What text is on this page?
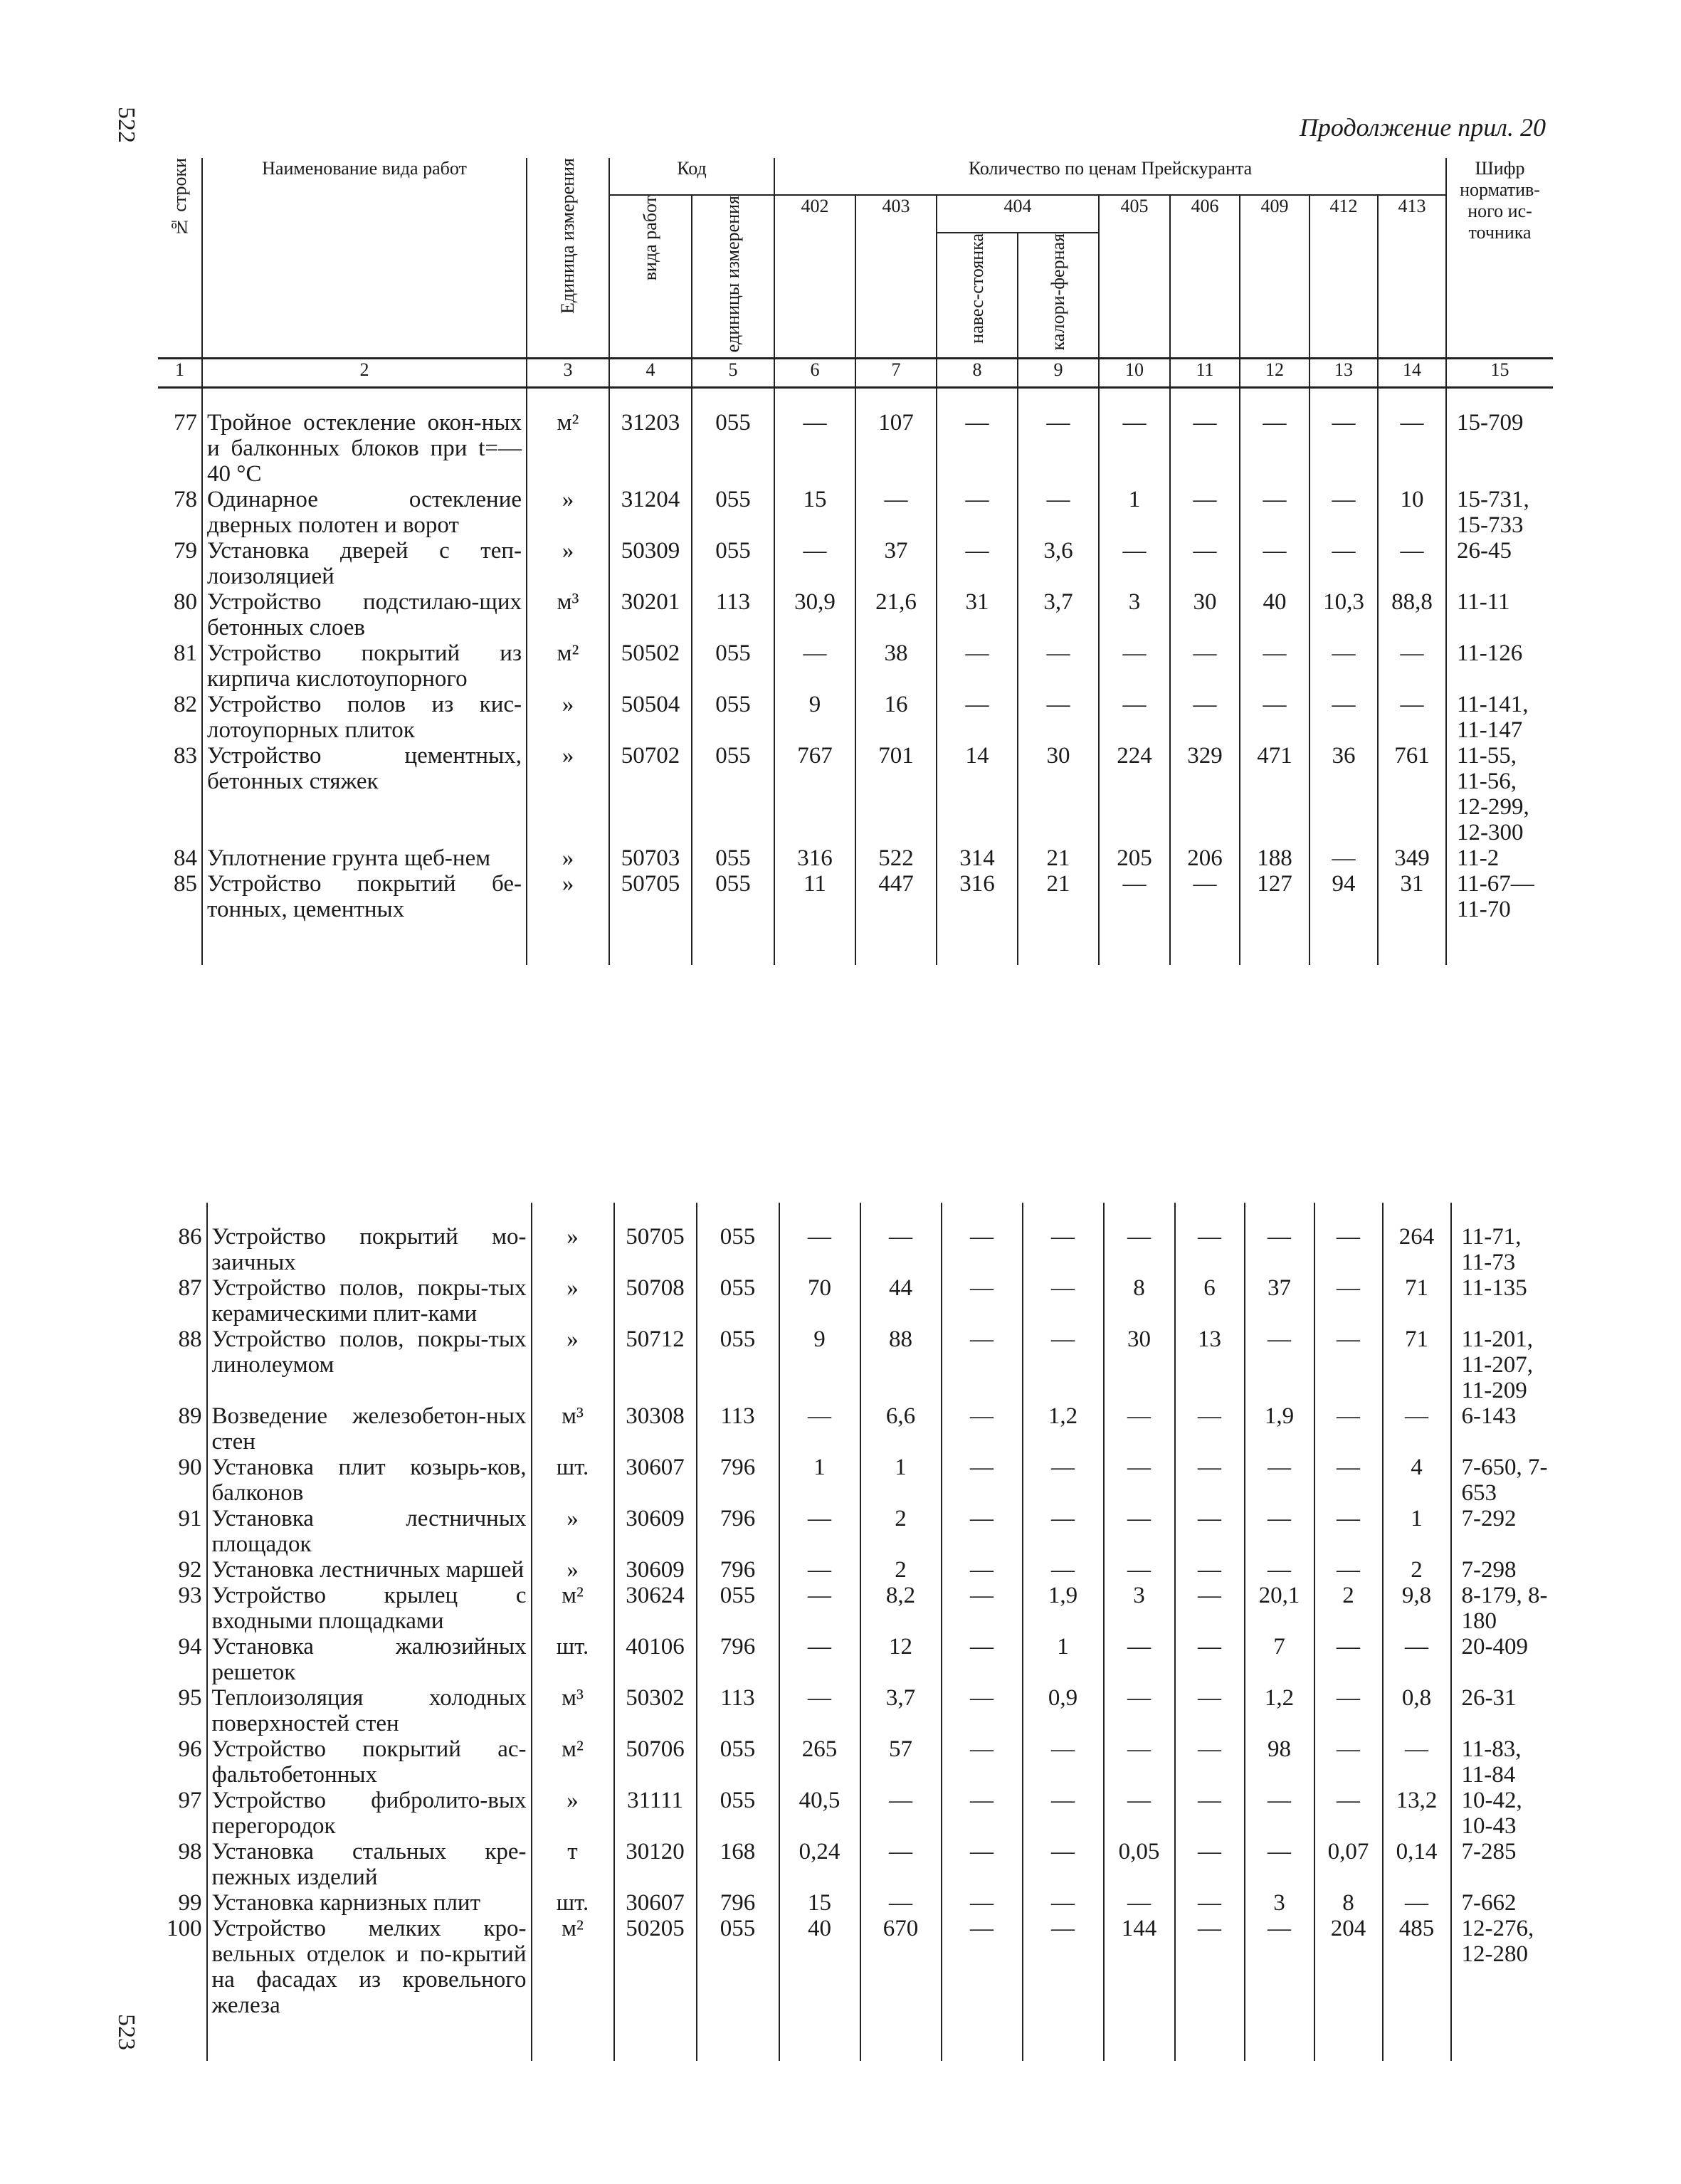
522	Продолжение прил. 20
№ строки	Наименование вида работ	Единица измерения	Код		Количество по ценам Прейскуранта									Шифр норматив-ного ис-точника
			вида работ	единицы измерения	402	403	404		405	406	409	412	413	
							навес-стоянка	калори-ферная						
1	2	3	4	5	6	7	8	9	10	11	12	13	14	15

77	Тройное остекление окон-ных и балконных блоков при t=—40 °С	м²	31203	055	—	107	—	—	—	—	—	—	—	15-709
78	Одинарное остекление дверных полотен и ворот	»	31204	055	15	—	—	—	1	—	—	—	10	15-731, 15-733
79	Установка дверей с теп-лоизоляцией	»	50309	055	—	37	—	3,6	—	—	—	—	—	26-45
80	Устройство подстилаю-щих бетонных слоев	м³	30201	113	30,9	21,6	31	3,7	3	30	40	10,3	88,8	11-11
81	Устройство покрытий из кирпича кислотоупорного	м²	50502	055	—	38	—	—	—	—	—	—	—	11-126
82	Устройство полов из кис-лотоупорных плиток	»	50504	055	9	16	—	—	—	—	—	—	—	11-141, 11-147
83	Устройство цементных, бетонных стяжек	»	50702	055	767	701	14	30	224	329	471	36	761	11-55, 11-56, 12-299, 12-300
84	Уплотнение грунта щеб-нем	»	50703	055	316	522	314	21	205	206	188	—	349	11-2
85	Устройство покрытий бе-тонных, цементных	»	50705	055	11	447	316	21	—	—	127	94	31	11-67— 11-70

86	Устройство покрытий мо-заичных	»	50705	055	—	—	—	—	—	—	—	—	264	11-71, 11-73
87	Устройство полов, покры-тых керамическими плит-ками	»	50708	055	70	44	—	—	8	6	37	—	71	11-135
88	Устройство полов, покры-тых линолеумом	»	50712	055	9	88	—	—	30	13	—	—	71	11-201, 11-207, 11-209
89	Возведение железобетон-ных стен	м³	30308	113	—	6,6	—	1,2	—	—	1,9	—	—	6-143
90	Установка плит козырь-ков, балконов	шт.	30607	796	1	1	—	—	—	—	—	—	4	7-650, 7-653
91	Установка лестничных площадок	»	30609	796	—	2	—	—	—	—	—	—	1	7-292
92	Установка лестничных маршей	»	30609	796	—	2	—	—	—	—	—	—	2	7-298
93	Устройство крылец с входными площадками	м²	30624	055	—	8,2	—	1,9	3	—	20,1	2	9,8	8-179, 8-180
94	Установка жалюзийных решеток	шт.	40106	796	—	12	—	1	—	—	7	—	—	20-409
95	Теплоизоляция холодных поверхностей стен	м³	50302	113	—	3,7	—	0,9	—	—	1,2	—	0,8	26-31
96	Устройство покрытий ас-фальтобетонных	м²	50706	055	265	57	—	—	—	—	98	—	—	11-83, 11-84
97	Устройство фибролито-вых перегородок	»	31111	055	40,5	—	—	—	—	—	—	—	13,2	10-42, 10-43
98	Установка стальных кре-пежных изделий	т	30120	168	0,24	—	—	—	0,05	—	—	0,07	0,14	7-285
99	Установка карнизных плит	шт.	30607	796	15	—	—	—	—	—	3	8	—	7-662
100	Устройство мелких кро-вельных отделок и по-крытий на фасадах из кровельного железа	м²	50205	055	40	670	—	—	144	—	—	204	485	12-276, 12-280

523
